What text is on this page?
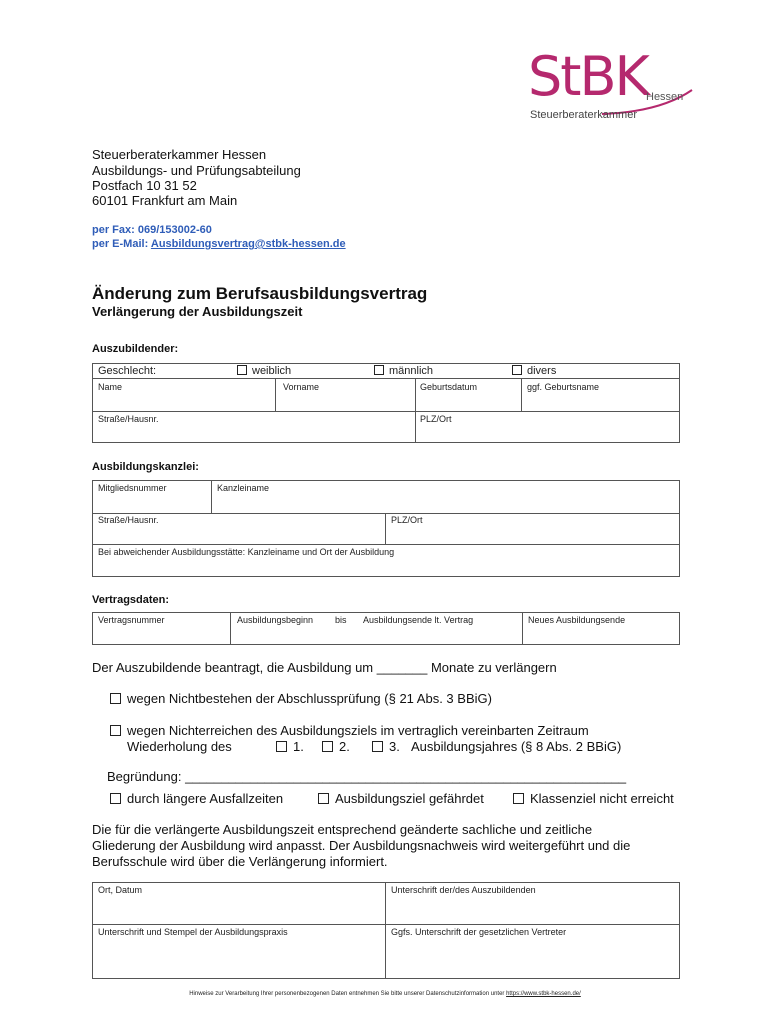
StBK
Hessen
Steuerberaterkammer
Steuerberaterkammer Hessen
Ausbildungs- und Prüfungsabteilung
Postfach 10 31 52
60101 Frankfurt am Main
per Fax: 069/153002-60
per E-Mail: Ausbildungsvertrag@stbk-hessen.de
Änderung zum Berufsausbildungsvertrag
Verlängerung der Ausbildungszeit
Auszubildender:
Geschlecht:	weiblich	männlich	divers
Name	Vorname	Geburtsdatum	ggf. Geburtsname
Straße/Hausnr.	PLZ/Ort
Ausbildungskanzlei:
Mitgliedsnummer	Kanzleiname
Straße/Hausnr.	PLZ/Ort
Bei abweichender Ausbildungsstätte: Kanzleiname und Ort der Ausbildung
Vertragsdaten:
Vertragsnummer	Ausbildungsbeginn bis Ausbildungsende lt. Vertrag	Neues Ausbildungsende
Der Auszubildende beantragt, die Ausbildung um _______ Monate zu verlängern
wegen Nichtbestehen der Abschlussprüfung (§ 21 Abs. 3 BBiG)
wegen Nichterreichen des Ausbildungsziels im vertraglich vereinbarten Zeitraum
Wiederholung des	1.	2.	3. Ausbildungsjahres (§ 8 Abs. 2 BBiG)
Begründung: _____________________________________________________________
durch längere Ausfallzeiten	Ausbildungsziel gefährdet	Klassenziel nicht erreicht
Die für die verlängerte Ausbildungszeit entsprechend geänderte sachliche und zeitliche
Gliederung der Ausbildung wird anpasst. Der Ausbildungsnachweis wird weitergeführt und die
Berufsschule wird über die Verlängerung informiert.
Ort, Datum	Unterschrift der/des Auszubildenden
Unterschrift und Stempel der Ausbildungspraxis	Ggfs. Unterschrift der gesetzlichen Vertreter
Hinweise zur Verarbeitung Ihrer personenbezogenen Daten entnehmen Sie bitte unserer Datenschutzinformation unter https://www.stbk-hessen.de/
